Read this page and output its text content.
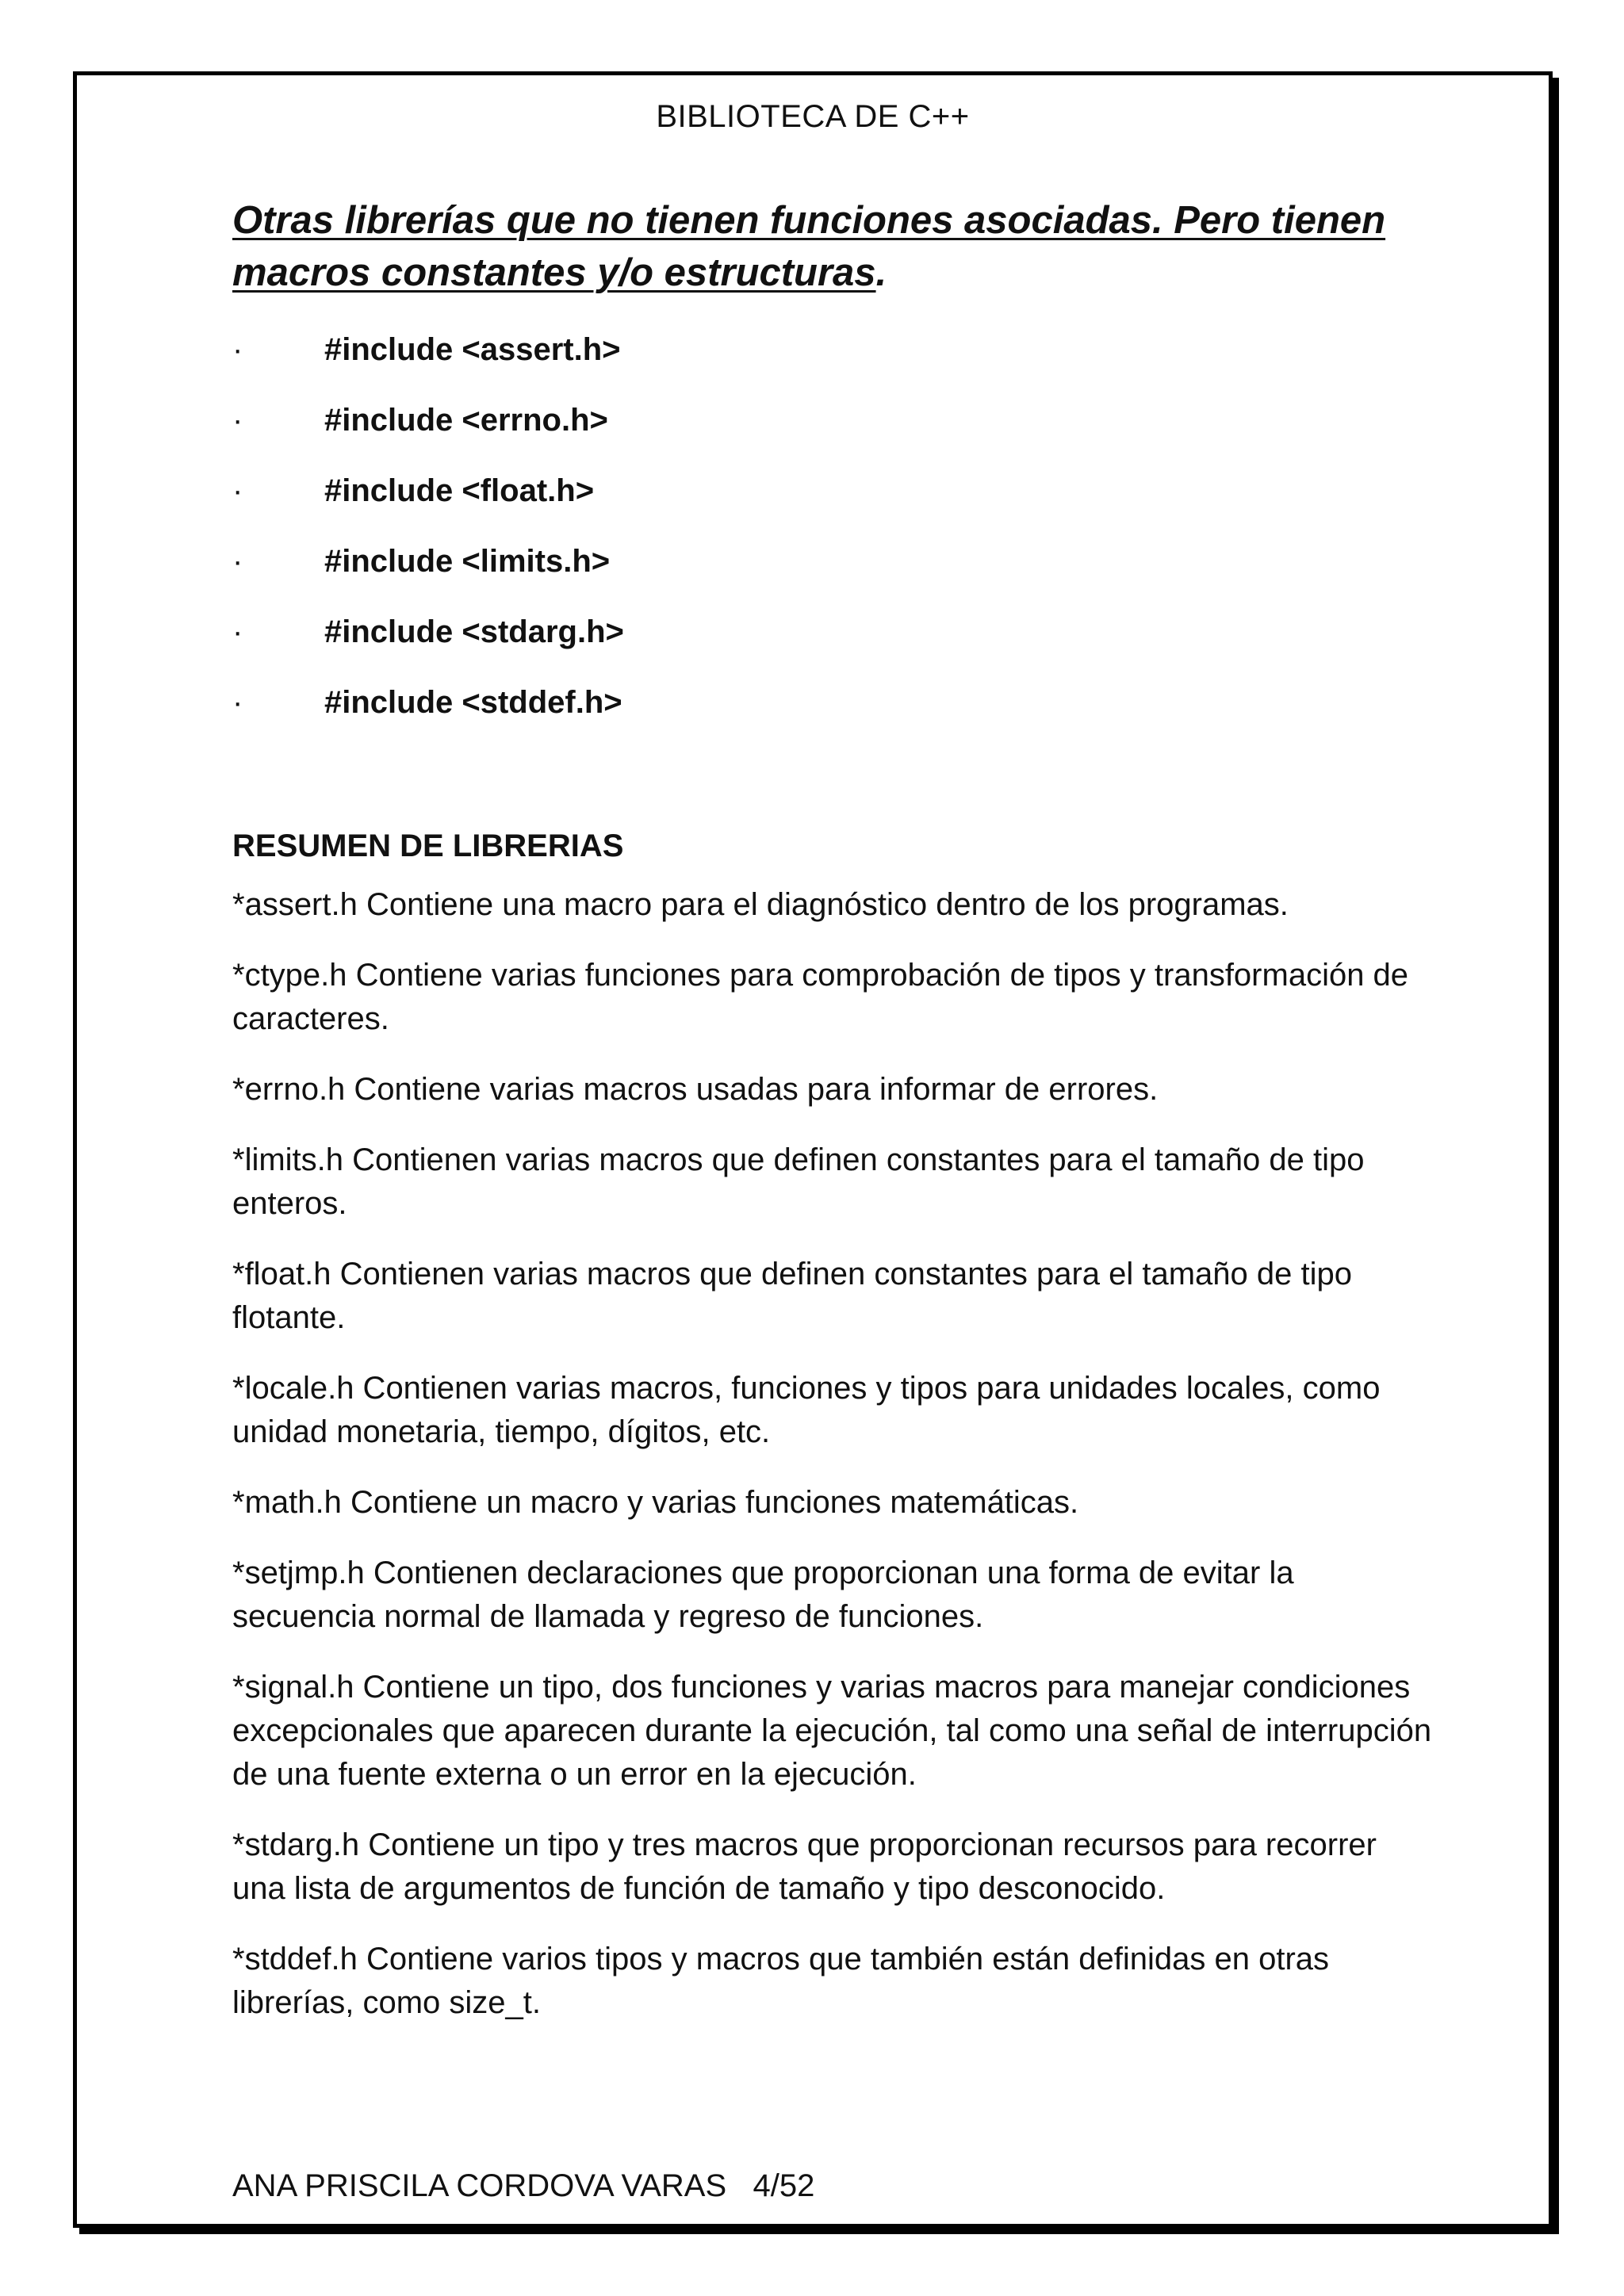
BIBLIOTECA DE C++
Otras librerías que no tienen funciones asociadas. Pero tienen macros constantes y/o estructuras.
·	#include <assert.h>
·	#include <errno.h>
·	#include <float.h>
·	#include <limits.h>
·	#include <stdarg.h>
·	#include <stddef.h>
RESUMEN DE LIBRERIAS

*assert.h Contiene una macro para el diagnóstico dentro de los programas.

*ctype.h Contiene varias funciones para comprobación de tipos y transformación de caracteres.

*errno.h Contiene varias macros usadas para informar de errores.

*limits.h Contienen varias macros que definen constantes para el tamaño de tipo enteros.

*float.h Contienen varias macros que definen constantes para el tamaño de tipo flotante.

*locale.h Contienen varias macros, funciones y tipos para unidades locales, como unidad monetaria, tiempo, dígitos, etc.

*math.h Contiene un macro y varias funciones matemáticas.

*setjmp.h Contienen declaraciones que proporcionan una forma de evitar la secuencia normal de llamada y regreso de funciones.

*signal.h Contiene un tipo, dos funciones y varias macros para manejar condiciones excepcionales que aparecen durante la ejecución, tal como una señal de interrupción de una fuente externa o un error en la ejecución.

*stdarg.h Contiene un tipo y tres macros que proporcionan recursos para recorrer una lista de argumentos de función de tamaño y tipo desconocido.

*stddef.h Contiene varios tipos y macros que también están definidas en otras librerías, como size_t.

ANA PRISCILA CORDOVA VARAS 4/52
